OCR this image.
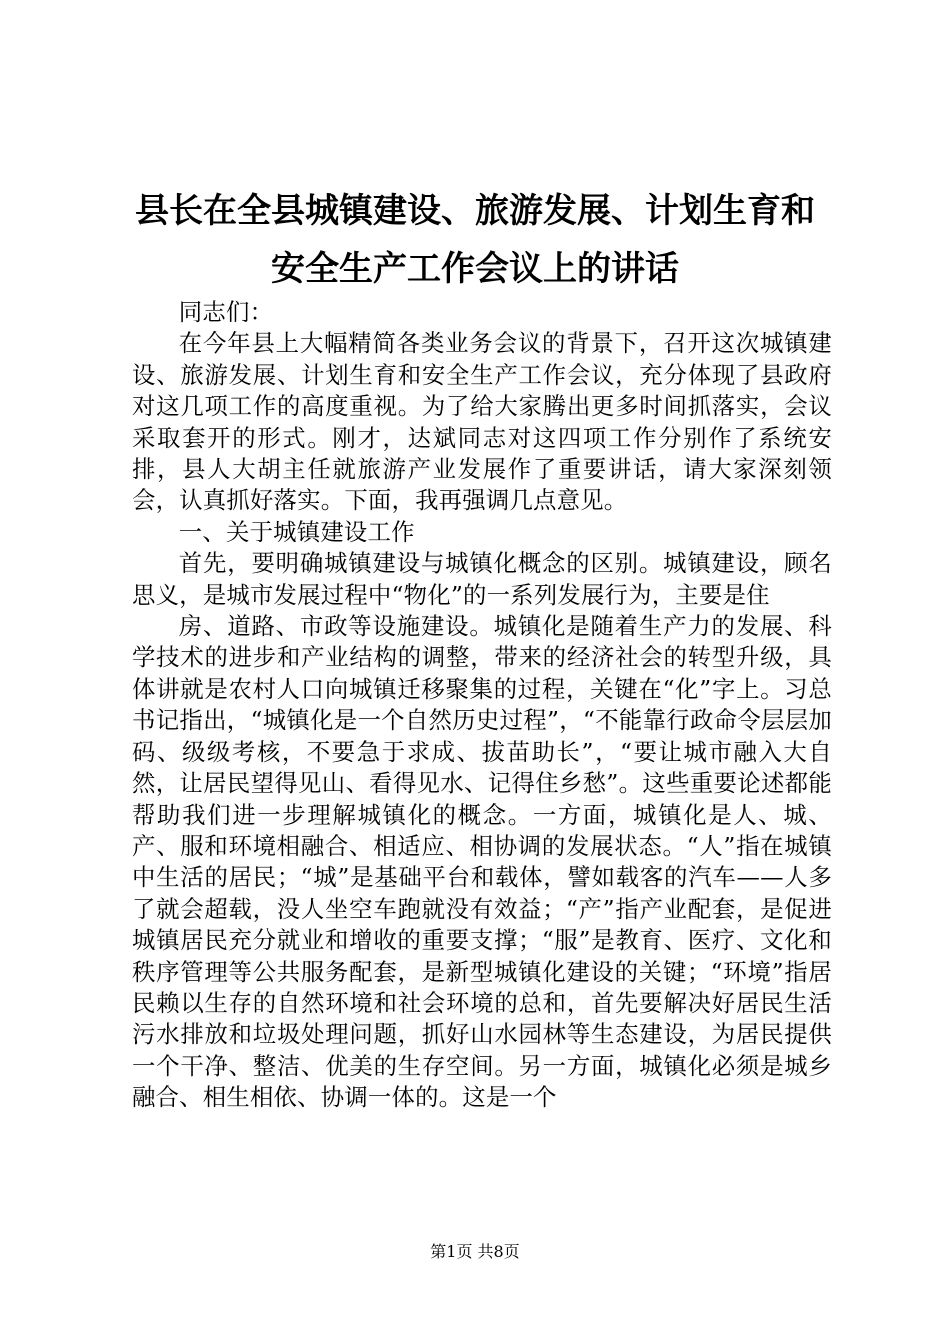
县长在全县城镇建设、旅游发展、计划生育和
安全生产工作会议上的讲话

同志们：

在今年县上大幅精简各类业务会议的背景下，召开这次城镇建设、旅游发展、计划生育和安全生产工作会议，充分体现了县政府对这几项工作的高度重视。为了给大家腾出更多时间抓落实，会议采取套开的形式。刚才，达斌同志对这四项工作分别作了系统安排，县人大胡主任就旅游产业发展作了重要讲话，请大家深刻领会，认真抓好落实。下面，我再强调几点意见。

一、关于城镇建设工作

首先，要明确城镇建设与城镇化概念的区别。城镇建设，顾名思义，是城市发展过程中“物化”的一系列发展行为，主要是住

房、道路、市政等设施建设。城镇化是随着生产力的发展、科学技术的进步和产业结构的调整，带来的经济社会的转型升级，具体讲就是农村人口向城镇迁移聚集的过程，关键在“化”字上。习总书记指出，“城镇化是一个自然历史过程”，“不能靠行政命令层层加码、级级考核，不要急于求成、拔苗助长”，“要让城市融入大自然，让居民望得见山、看得见水、记得住乡愁”。这些重要论述都能帮助我们进一步理解城镇化的概念。一方面，城镇化是人、城、产、服和环境相融合、相适应、相协调的发展状态。“人”指在城镇中生活的居民；“城”是基础平台和载体，譬如载客的汽车——人多了就会超载，没人坐空车跑就没有效益；“产”指产业配套，是促进城镇居民充分就业和增收的重要支撑；“服”是教育、医疗、文化和秩序管理等公共服务配套，是新型城镇化建设的关键；“环境”指居民赖以生存的自然环境和社会环境的总和，首先要解决好居民生活污水排放和垃圾处理问题，抓好山水园林等生态建设，为居民提供一个干净、整洁、优美的生存空间。另一方面，城镇化必须是城乡融合、相生相依、协调一体的。这是一个

第1页 共8页
